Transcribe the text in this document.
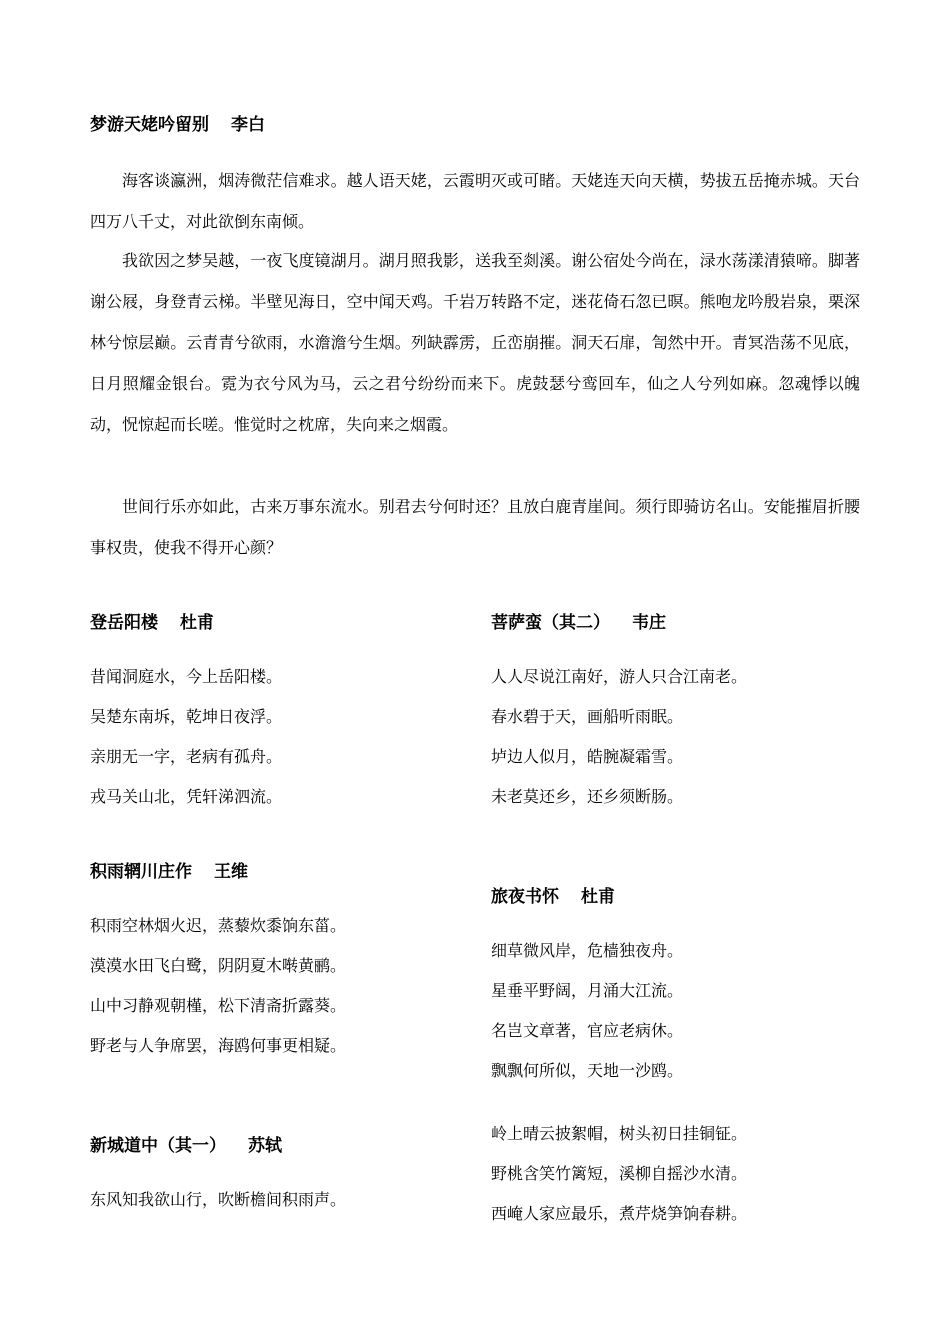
梦游天姥吟留别 李白

海客谈瀛洲，烟涛微茫信难求。越人语天姥，云霞明灭或可睹。天姥连天向天横，势拔五岳掩赤城。天台四万八千丈，对此欲倒东南倾。

我欲因之梦吴越，一夜飞度镜湖月。湖月照我影，送我至剡溪。谢公宿处今尚在，渌水荡漾清猿啼。脚著谢公屐，身登青云梯。半壁见海日，空中闻天鸡。千岩万转路不定，迷花倚石忽已暝。熊咆龙吟殷岩泉，栗深林兮惊层巅。云青青兮欲雨，水澹澹兮生烟。列缺霹雳，丘峦崩摧。洞天石扉，訇然中开。青冥浩荡不见底，日月照耀金银台。霓为衣兮风为马，云之君兮纷纷而来下。虎鼓瑟兮鸾回车，仙之人兮列如麻。忽魂悸以魄动，怳惊起而长嗟。惟觉时之枕席，失向来之烟霞。

世间行乐亦如此，古来万事东流水。别君去兮何时还？且放白鹿青崖间。须行即骑访名山。安能摧眉折腰事权贵，使我不得开心颜？

登岳阳楼 杜甫
昔闻洞庭水，今上岳阳楼。
吴楚东南坼，乾坤日夜浮。
亲朋无一字，老病有孤舟。
戎马关山北，凭轩涕泗流。
积雨辋川庄作 王维
积雨空林烟火迟，蒸藜炊黍饷东菑。
漠漠水田飞白鹭，阴阴夏木啭黄鹂。
山中习静观朝槿，松下清斋折露葵。
野老与人争席罢，海鸥何事更相疑。
新城道中（其一） 苏轼
东风知我欲山行，吹断檐间积雨声。
菩萨蛮（其二） 韦庄
人人尽说江南好，游人只合江南老。
春水碧于天，画船听雨眠。
垆边人似月，皓腕凝霜雪。
未老莫还乡，还乡须断肠。
旅夜书怀 杜甫
细草微风岸，危樯独夜舟。
星垂平野阔，月涌大江流。
名岂文章著，官应老病休。
飘飘何所似，天地一沙鸥。
岭上晴云披絮帽，树头初日挂铜钲。
野桃含笑竹篱短，溪柳自摇沙水清。
西崦人家应最乐，煮芹烧笋饷春耕。
